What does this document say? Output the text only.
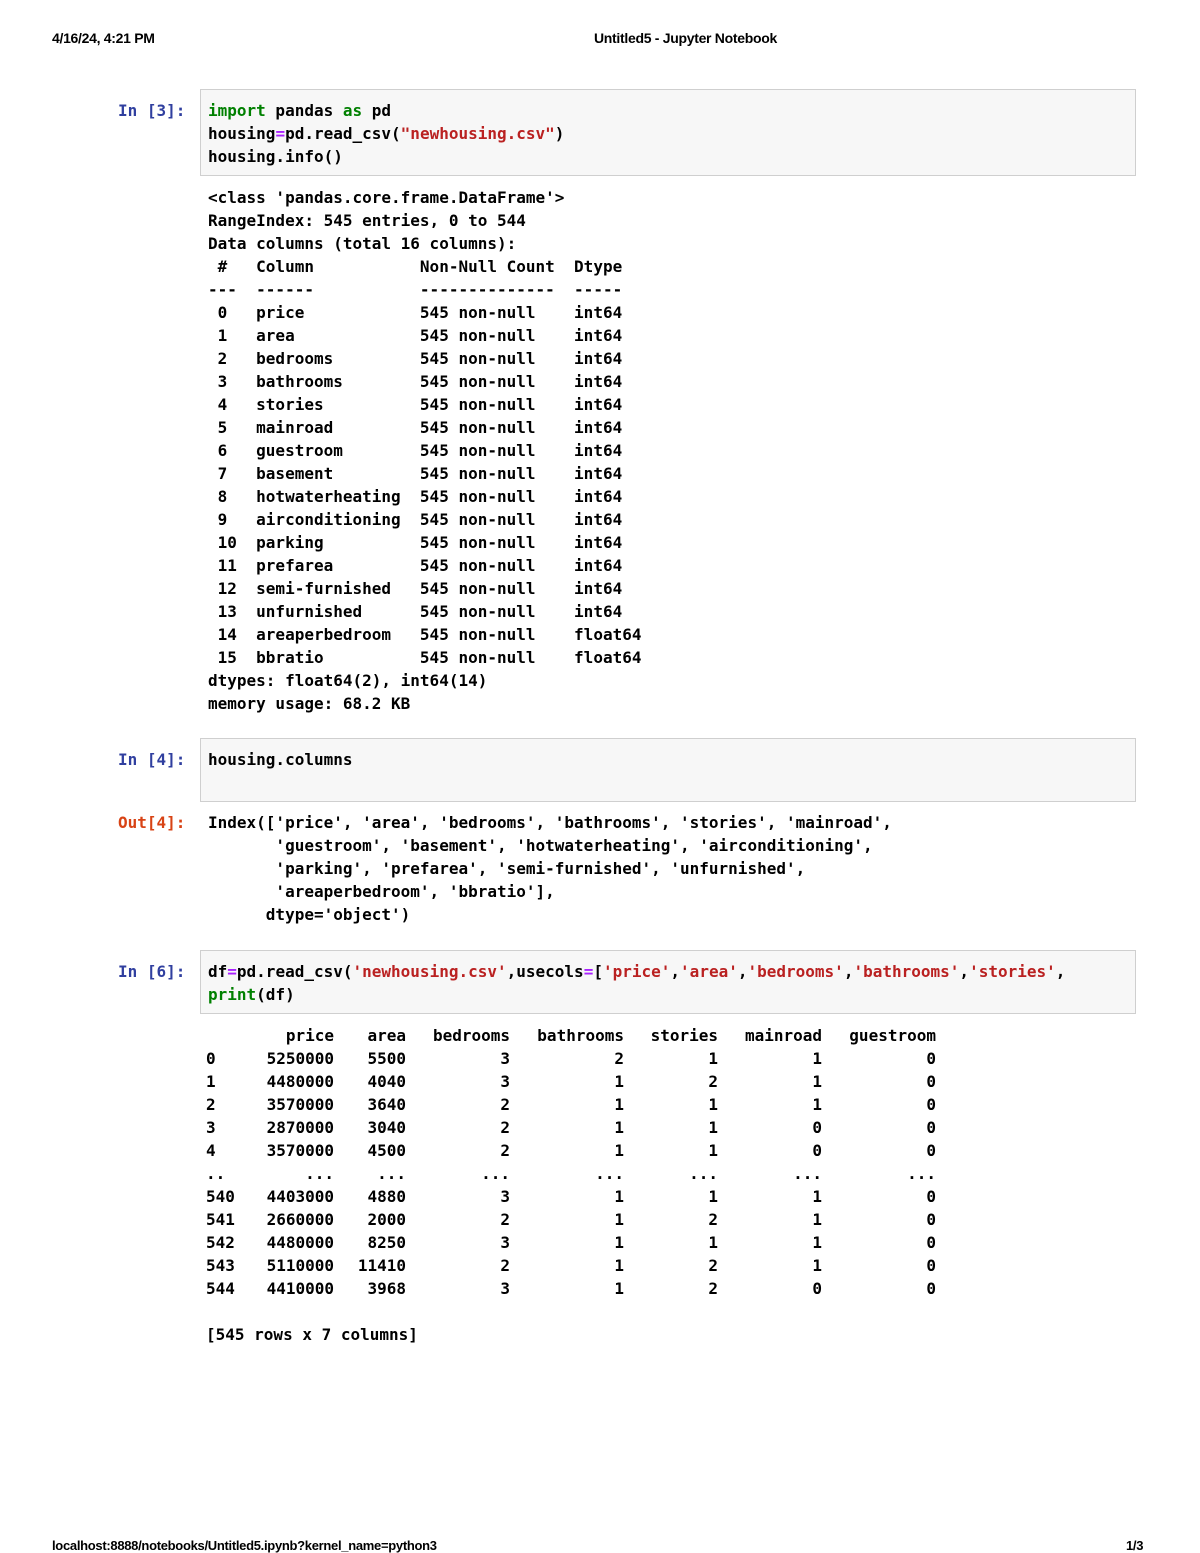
4/16/24, 4:21 PM	Untitled5 - Jupyter Notebook
In [3]:	import pandas as pd
housing=pd.read_csv("newhousing.csv")
housing.info()
<class 'pandas.core.frame.DataFrame'>
RangeIndex: 545 entries, 0 to 544
Data columns (total 16 columns):
#   Column           Non-Null Count  Dtype
---  ------           --------------  -----
0   price            545 non-null    int64
1   area             545 non-null    int64
2   bedrooms         545 non-null    int64
3   bathrooms        545 non-null    int64
4   stories          545 non-null    int64
5   mainroad         545 non-null    int64
6   guestroom        545 non-null    int64
7   basement         545 non-null    int64
8   hotwaterheating  545 non-null    int64
9   airconditioning  545 non-null    int64
10  parking          545 non-null    int64
11  prefarea         545 non-null    int64
12  semi-furnished   545 non-null    int64
13  unfurnished      545 non-null    int64
14  areaperbedroom   545 non-null    float64
15  bbratio          545 non-null    float64
dtypes: float64(2), int64(14)
memory usage: 68.2 KB
In [4]:	housing.columns
Out[4]:	Index(['price', 'area', 'bedrooms', 'bathrooms', 'stories', 'mainroad',
'guestroom', 'basement', 'hotwaterheating', 'airconditioning',
'parking', 'prefarea', 'semi-furnished', 'unfurnished',
'areaperbedroom', 'bbratio'],
dtype='object')
In [6]:	df=pd.read_csv('newhousing.csv',usecols=['price','area','bedrooms','bathrooms','stories',
print(df)
	price	area	bedrooms	bathrooms	stories	mainroad	guestroom
0	5250000	5500	3	2	1	1	0
1	4480000	4040	3	1	2	1	0
2	3570000	3640	2	1	1	1	0
3	2870000	3040	2	1	1	0	0
4	3570000	4500	2	1	1	0	0
..	...	...	...	...	...	...	...
540	4403000	4880	3	1	1	1	0
541	2660000	2000	2	1	2	1	0
542	4480000	8250	3	1	1	1	0
543	5110000	11410	2	1	2	1	0
544	4410000	3968	3	1	2	0	0
[545 rows x 7 columns]
localhost:8888/notebooks/Untitled5.ipynb?kernel_name=python3	1/3
